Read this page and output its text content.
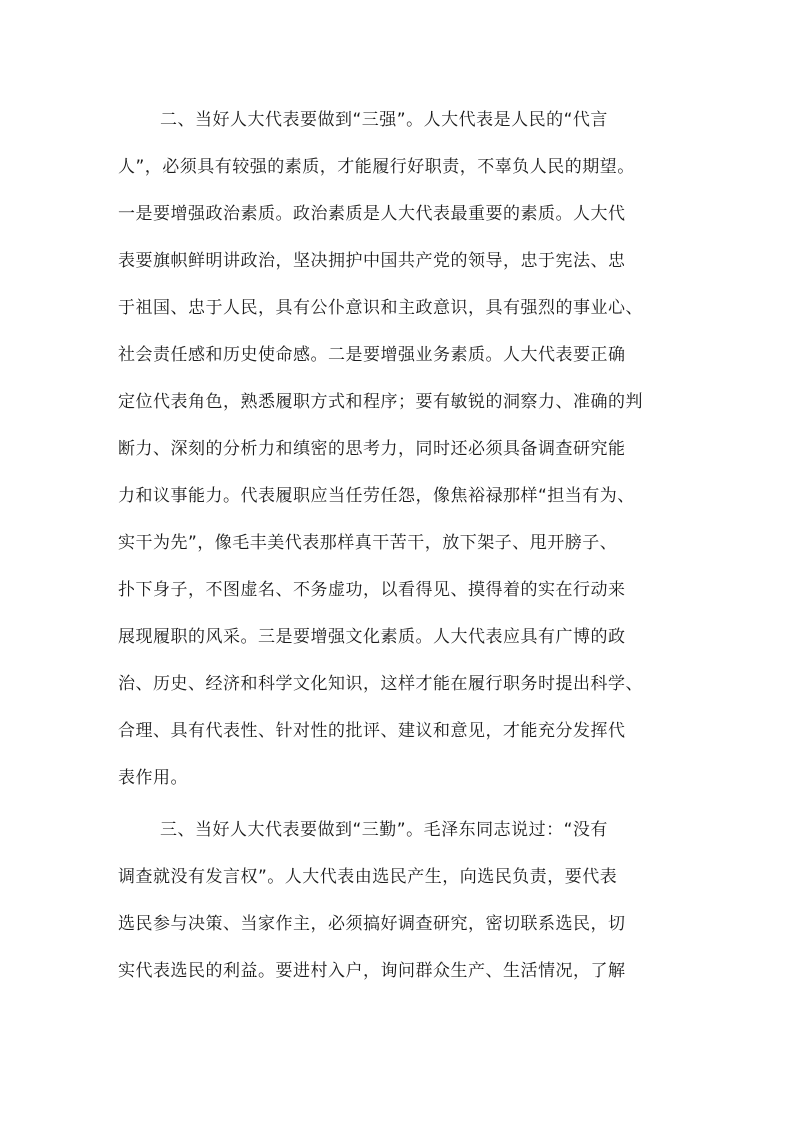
二、当好人大代表要做到“三强”。人大代表是人民的“代言
人”，必须具有较强的素质，才能履行好职责，不辜负人民的期望。
一是要增强政治素质。政治素质是人大代表最重要的素质。人大代
表要旗帜鲜明讲政治，坚决拥护中国共产党的领导，忠于宪法、忠
于祖国、忠于人民，具有公仆意识和主政意识，具有强烈的事业心、
社会责任感和历史使命感。二是要增强业务素质。人大代表要正确
定位代表角色，熟悉履职方式和程序；要有敏锐的洞察力、准确的判
断力、深刻的分析力和缜密的思考力，同时还必须具备调查研究能
力和议事能力。代表履职应当任劳任怨，像焦裕禄那样“担当有为、
实干为先”，像毛丰美代表那样真干苦干，放下架子、甩开膀子、
扑下身子，不图虚名、不务虚功，以看得见、摸得着的实在行动来
展现履职的风采。三是要增强文化素质。人大代表应具有广博的政
治、历史、经济和科学文化知识，这样才能在履行职务时提出科学、
合理、具有代表性、针对性的批评、建议和意见，才能充分发挥代
表作用。
三、当好人大代表要做到“三勤”。毛泽东同志说过：“没有
调查就没有发言权”。人大代表由选民产生，向选民负责，要代表
选民参与决策、当家作主，必须搞好调查研究，密切联系选民，切
实代表选民的利益。要进村入户，询问群众生产、生活情况，了解
